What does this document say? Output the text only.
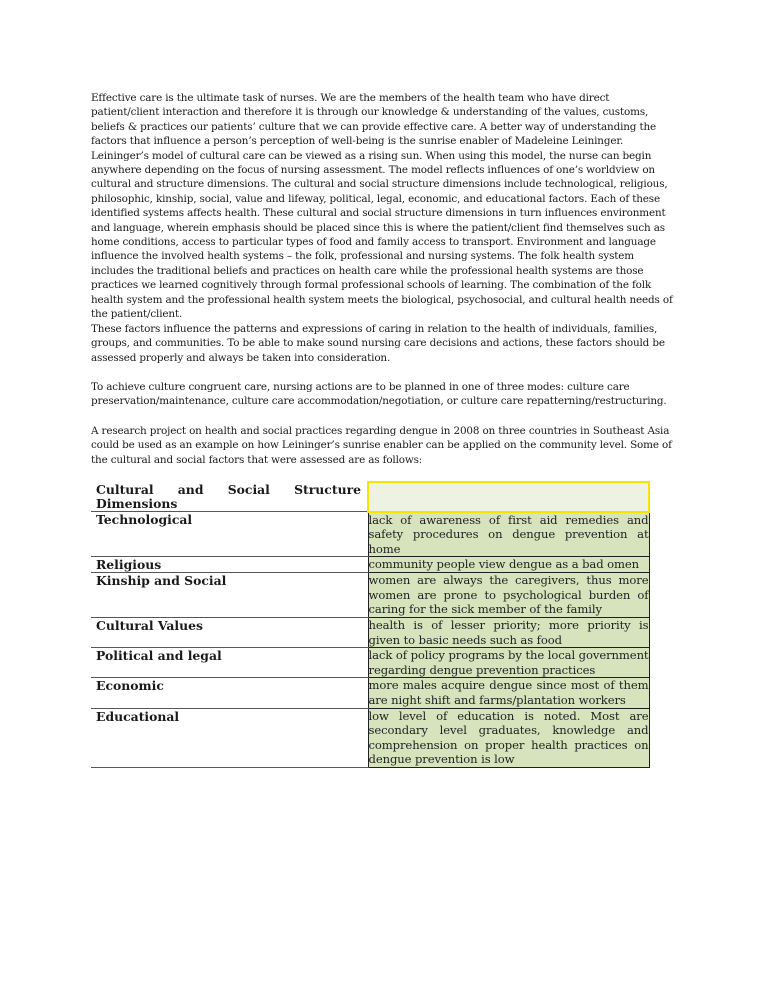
Effective care is the ultimate task of nurses. We are the members of the health team who have direct patient/client interaction and therefore it is through our knowledge & understanding of the values, customs, beliefs & practices our patients’ culture that we can provide effective care. A better way of understanding the factors that influence a person’s perception of well-being is the sunrise enabler of Madeleine Leininger. Leininger’s model of cultural care can be viewed as a rising sun. When using this model, the nurse can begin anywhere depending on the focus of nursing assessment. The model reflects influences of one’s worldview on cultural and structure dimensions. The cultural and social structure dimensions include technological, religious, philosophic, kinship, social, value and lifeway, political, legal, economic, and educational factors. Each of these identified systems affects health. These cultural and social structure dimensions in turn influences environment and language, wherein emphasis should be placed since this is where the patient/client find themselves such as home conditions, access to particular types of food and family access to transport. Environment and language influence the involved health systems – the folk, professional and nursing systems. The folk health system includes the traditional beliefs and practices on health care while the professional health systems are those practices we learned cognitively through formal professional schools of learning. The combination of the folk health system and the professional health system meets the biological, psychosocial, and cultural health needs of the patient/client.

These factors influence the patterns and expressions of caring in relation to the health of individuals, families, groups, and communities. To be able to make sound nursing care decisions and actions, these factors should be assessed properly and always be taken into consideration.

To achieve culture congruent care, nursing actions are to be planned in one of three modes: culture care preservation/maintenance, culture care accommodation/negotiation, or culture care repatterning/restructuring.

A research project on health and social practices regarding dengue in 2008 on three countries in Southeast Asia could be used as an example on how Leininger’s sunrise enabler can be applied on the community level. Some of the cultural and social factors that were assessed are as follows:

Cultural and Social Structure
Dimensions	

Technological	lack of awareness of first aid remedies and safety procedures on dengue prevention at home
Religious	community people view dengue as a bad omen
Kinship and Social	women are always the caregivers, thus more women are prone to psychological burden of caring for the sick member of the family
Cultural Values	health is of lesser priority; more priority is given to basic needs such as food
Political and legal	lack of policy programs by the local government regarding dengue prevention practices
Economic	more males acquire dengue since most of them are night shift and farms/plantation workers
Educational	low level of education is noted. Most are secondary level graduates, knowledge and comprehension on proper health practices on dengue prevention is low
